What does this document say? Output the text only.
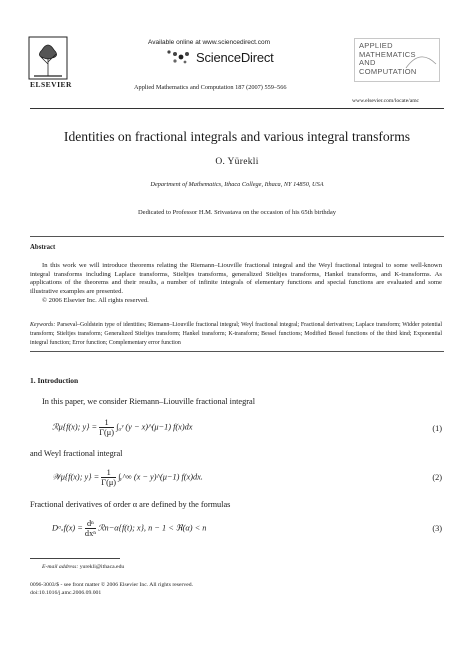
ELSEVIER
Available online at www.sciencedirect.com
ScienceDirect
Applied Mathematics and Computation 187 (2007) 559–566
APPLIED MATHEMATICS AND COMPUTATION
www.elsevier.com/locate/amc
Identities on fractional integrals and various integral transforms
O. Yürekli
Department of Mathematics, Ithaca College, Ithaca, NY 14850, USA
Dedicated to Professor H.M. Srivastava on the occasion of his 65th birthday
Abstract

In this work we will introduce theorems relating the Riemann–Liouville fractional integral and the Weyl fractional integral to some well-known integral transforms including Laplace transforms, Stieltjes transforms, generalized Stieltjes transforms, Hankel transforms, and K-transforms. As applications of the theorems and their results, a number of infinite integrals of elementary functions and special functions are evaluated and some illustrative examples are presented.

© 2006 Elsevier Inc. All rights reserved.

Keywords: Parseval–Goldstein type of identities; Riemann–Liouville fractional integral; Weyl fractional integral; Fractional derivatives; Laplace transform; Widder potential transform; Stieltjes transform; Generalized Stieltjes transform; Hankel transform; K-transform; Bessel functions; Modified Bessel functions of the third kind; Exponential integral function; Error function; Complementary error function
1. Introduction
In this paper, we consider Riemann–Liouville fractional integral
ℛμ{f(x); $y\} = \frac{1}{\Gamma(\mu)}$ ∫₀ʸ (y − x)^(μ−1) f(x)dx	(1)
and Weyl fractional integral
𝒲μ{f(x); $y\} = \frac{1}{\Gamma(\mu)}$ ∫ᵧ^∞ (x − y)^(μ−1) f(x)dx.	(2)
Fractional derivatives of order α are defined by the formulas
Dᵅₓf(x) = $\frac{\text{dⁿ}}{\text{dxⁿ}}$ ℛn−α{f(t); x}, n − 1 < ℜ(α) < n	(3)
E-mail address: yurekli@ithaca.edu
0096-3003/$ - see front matter © 2006 Elsevier Inc. All rights reserved.
doi:10.1016/j.amc.2006.09.001
